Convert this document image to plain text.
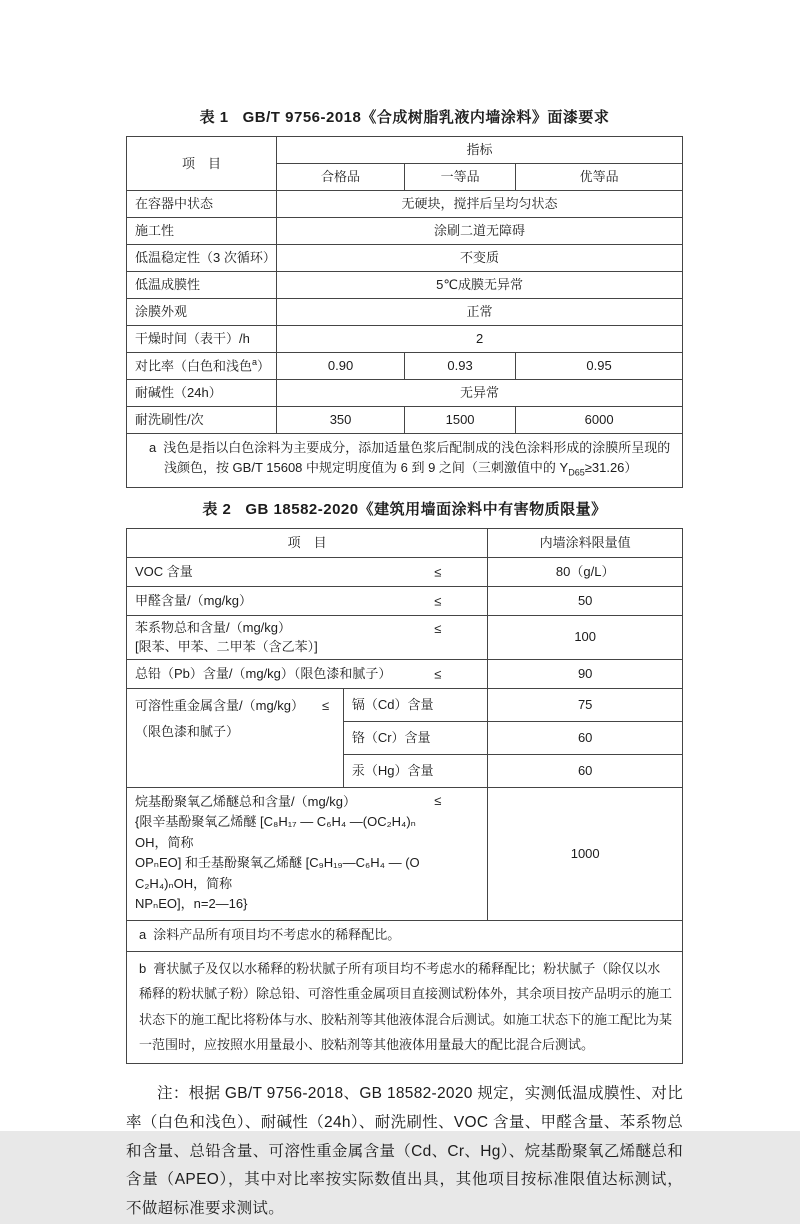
表 1 GB/T 9756-2018《合成树脂乳液内墙涂料》面漆要求
项　目	指标		
	合格品	一等品	优等品
在容器中状态	无硬块，搅拌后呈均匀状态		
施工性	涂刷二道无障碍		
低温稳定性（3 次循环）	不变质		
低温成膜性	5℃成膜无异常		
涂膜外观	正常		
干燥时间（表干）/h	2		
对比率（白色和浅色$^a$）	0.90	0.93	0.95
耐碱性（24h）	无异常		
耐洗刷性/次	350	1500	6000

a 浅色是指以白色涂料为主要成分，添加适量色浆后配制成的浅色涂料形成的涂膜所呈现的浅颜色，按 GB/T 15608 中规定明度值为 6 到 9 之间（三刺激值中的 $Y_{D65}\ge 31.26$）			
表 2 GB 18582-2020《建筑用墙面涂料中有害物质限量》
项　目		内墙涂料限量值
VOC 含量 ≤		80（g/L）
甲醛含量/（mg/kg） ≤		50

苯系物总和含量/（mg/kg）
[限苯、甲苯、二甲苯（含乙苯）]
≤		100
总铅（Pb）含量/（mg/kg）（限色漆和腻子） ≤		90

可溶性重金属含量/（mg/kg） ≤
（限色漆和腻子）	镉（Cd）含量	75
	铬（Cr）含量	60
	汞（Hg）含量	60

烷基酚聚氧乙烯醚总和含量/（mg/kg）
{限辛基酚聚氧乙烯醚 [C₈H₁₇ — C₆H₄ —(OC₂H₄)ₙOH，简称
OPₙEO] 和壬基酚聚氧乙烯醚 [C₉H₁₉—C₆H₄ — (OC₂H₄)ₙOH，简称
NPₙEO]，n=2—16}
≤		1000
a 涂料产品所有项目均不考虑水的稀释配比。		
b 膏状腻子及仅以水稀释的粉状腻子所有项目均不考虑水的稀释配比；粉状腻子（除仅以水稀释的粉状腻子粉）除总铅、可溶性重金属项目直接测试粉体外，其余项目按产品明示的施工状态下的施工配比将粉体与水、胶粘剂等其他液体混合后测试。如施工状态下的施工配比为某一范围时，应按照水用量最小、胶粘剂等其他液体用量最大的配比混合后测试。		

注：根据 GB/T 9756-2018、GB 18582-2020 规定，实测低温成膜性、对比率（白色和浅色）、耐碱性（24h）、耐洗刷性、VOC 含量、甲醛含量、苯系物总和含量、总铅含量、可溶性重金属含量（Cd、Cr、Hg）、烷基酚聚氧乙烯醚总和含量（APEO），其中对比率按实际数值出具，其他项目按标准限值达标测试，不做超标准要求测试。
